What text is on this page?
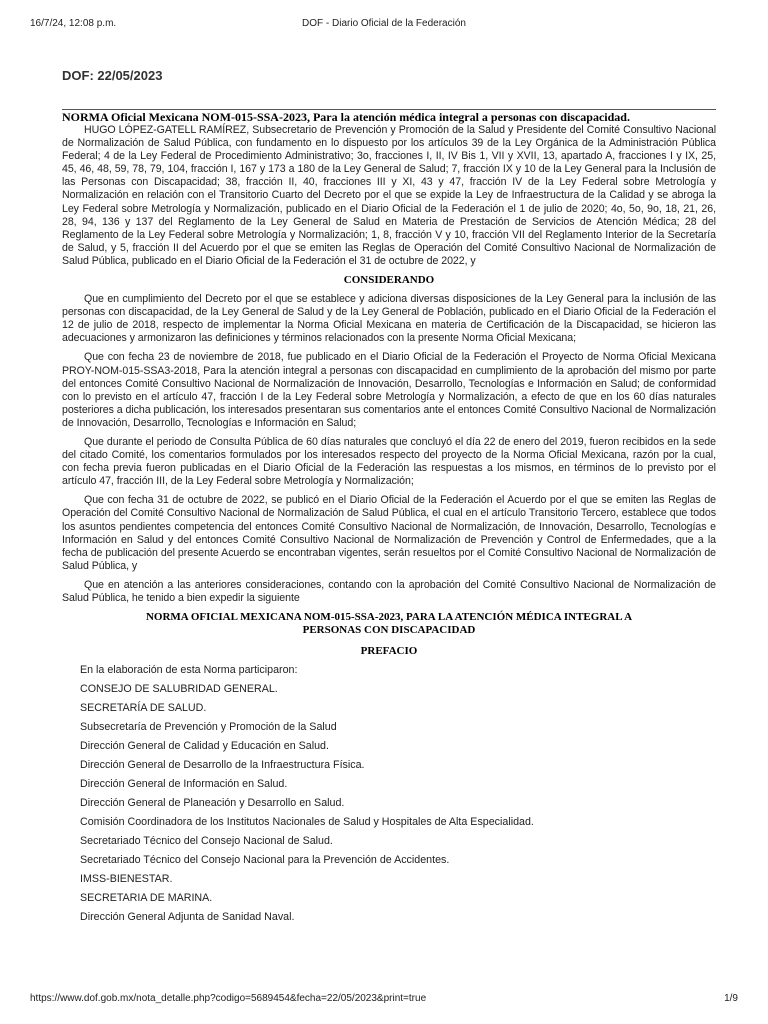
16/7/24, 12:08 p.m.	DOF - Diario Oficial de la Federación
DOF: 22/05/2023

NORMA Oficial Mexicana NOM-015-SSA-2023, Para la atención médica integral a personas con discapacidad.

HUGO LÓPEZ-GATELL RAMÍREZ, Subsecretario de Prevención y Promoción de la Salud y Presidente del Comité Consultivo Nacional de Normalización de Salud Pública, con fundamento en lo dispuesto por los artículos 39 de la Ley Orgánica de la Administración Pública Federal; 4 de la Ley Federal de Procedimiento Administrativo; 3o, fracciones I, II, IV Bis 1, VII y XVII, 13, apartado A, fracciones I y IX, 25, 45, 46, 48, 59, 78, 79, 104, fracción I, 167 y 173 a 180 de la Ley General de Salud; 7, fracción IX y 10 de la Ley General para la Inclusión de las Personas con Discapacidad; 38, fracción II, 40, fracciones III y XI, 43 y 47, fracción IV de la Ley Federal sobre Metrología y Normalización en relación con el Transitorio Cuarto del Decreto por el que se expide la Ley de Infraestructura de la Calidad y se abroga la Ley Federal sobre Metrología y Normalización, publicado en el Diario Oficial de la Federación el 1 de julio de 2020; 4o, 5o, 9o, 18, 21, 26, 28, 94, 136 y 137 del Reglamento de la Ley General de Salud en Materia de Prestación de Servicios de Atención Médica; 28 del Reglamento de la Ley Federal sobre Metrología y Normalización; 1, 8, fracción V y 10, fracción VII del Reglamento Interior de la Secretaría de Salud, y 5, fracción II del Acuerdo por el que se emiten las Reglas de Operación del Comité Consultivo Nacional de Normalización de Salud Pública, publicado en el Diario Oficial de la Federación el 31 de octubre de 2022, y

CONSIDERANDO

Que en cumplimiento del Decreto por el que se establece y adiciona diversas disposiciones de la Ley General para la inclusión de las personas con discapacidad, de la Ley General de Salud y de la Ley General de Población, publicado en el Diario Oficial de la Federación el 12 de julio de 2018, respecto de implementar la Norma Oficial Mexicana en materia de Certificación de la Discapacidad, se hicieron las adecuaciones y armonizaron las definiciones y términos relacionados con la presente Norma Oficial Mexicana;

Que con fecha 23 de noviembre de 2018, fue publicado en el Diario Oficial de la Federación el Proyecto de Norma Oficial Mexicana PROY-NOM-015-SSA3-2018, Para la atención integral a personas con discapacidad en cumplimiento de la aprobación del mismo por parte del entonces Comité Consultivo Nacional de Normalización de Innovación, Desarrollo, Tecnologías e Información en Salud; de conformidad con lo previsto en el artículo 47, fracción I de la Ley Federal sobre Metrología y Normalización, a efecto de que en los 60 días naturales posteriores a dicha publicación, los interesados presentaran sus comentarios ante el entonces Comité Consultivo Nacional de Normalización de Innovación, Desarrollo, Tecnologías e Información en Salud;

Que durante el periodo de Consulta Pública de 60 días naturales que concluyó el día 22 de enero del 2019, fueron recibidos en la sede del citado Comité, los comentarios formulados por los interesados respecto del proyecto de la Norma Oficial Mexicana, razón por la cual, con fecha previa fueron publicadas en el Diario Oficial de la Federación las respuestas a los mismos, en términos de lo previsto por el artículo 47, fracción III, de la Ley Federal sobre Metrología y Normalización;

Que con fecha 31 de octubre de 2022, se publicó en el Diario Oficial de la Federación el Acuerdo por el que se emiten las Reglas de Operación del Comité Consultivo Nacional de Normalización de Salud Pública, el cual en el artículo Transitorio Tercero, establece que todos los asuntos pendientes competencia del entonces Comité Consultivo Nacional de Normalización, de Innovación, Desarrollo, Tecnologías e Información en Salud y del entonces Comité Consultivo Nacional de Normalización de Prevención y Control de Enfermedades, que a la fecha de publicación del presente Acuerdo se encontraban vigentes, serán resueltos por el Comité Consultivo Nacional de Normalización de Salud Pública, y

Que en atención a las anteriores consideraciones, contando con la aprobación del Comité Consultivo Nacional de Normalización de Salud Pública, he tenido a bien expedir la siguiente

NORMA OFICIAL MEXICANA NOM-015-SSA-2023, PARA LA ATENCIÓN MÉDICA INTEGRAL A PERSONAS CON DISCAPACIDAD
PREFACIO
En la elaboración de esta Norma participaron:
CONSEJO DE SALUBRIDAD GENERAL.
SECRETARÍA DE SALUD.
Subsecretaría de Prevención y Promoción de la Salud
Dirección General de Calidad y Educación en Salud.
Dirección General de Desarrollo de la Infraestructura Física.
Dirección General de Información en Salud.
Dirección General de Planeación y Desarrollo en Salud.
Comisión Coordinadora de los Institutos Nacionales de Salud y Hospitales de Alta Especialidad.
Secretariado Técnico del Consejo Nacional de Salud.
Secretariado Técnico del Consejo Nacional para la Prevención de Accidentes.
IMSS-BIENESTAR.
SECRETARIA DE MARINA.
Dirección General Adjunta de Sanidad Naval.
https://www.dof.gob.mx/nota_detalle.php?codigo=5689454&fecha=22/05/2023&print=true	1/9
